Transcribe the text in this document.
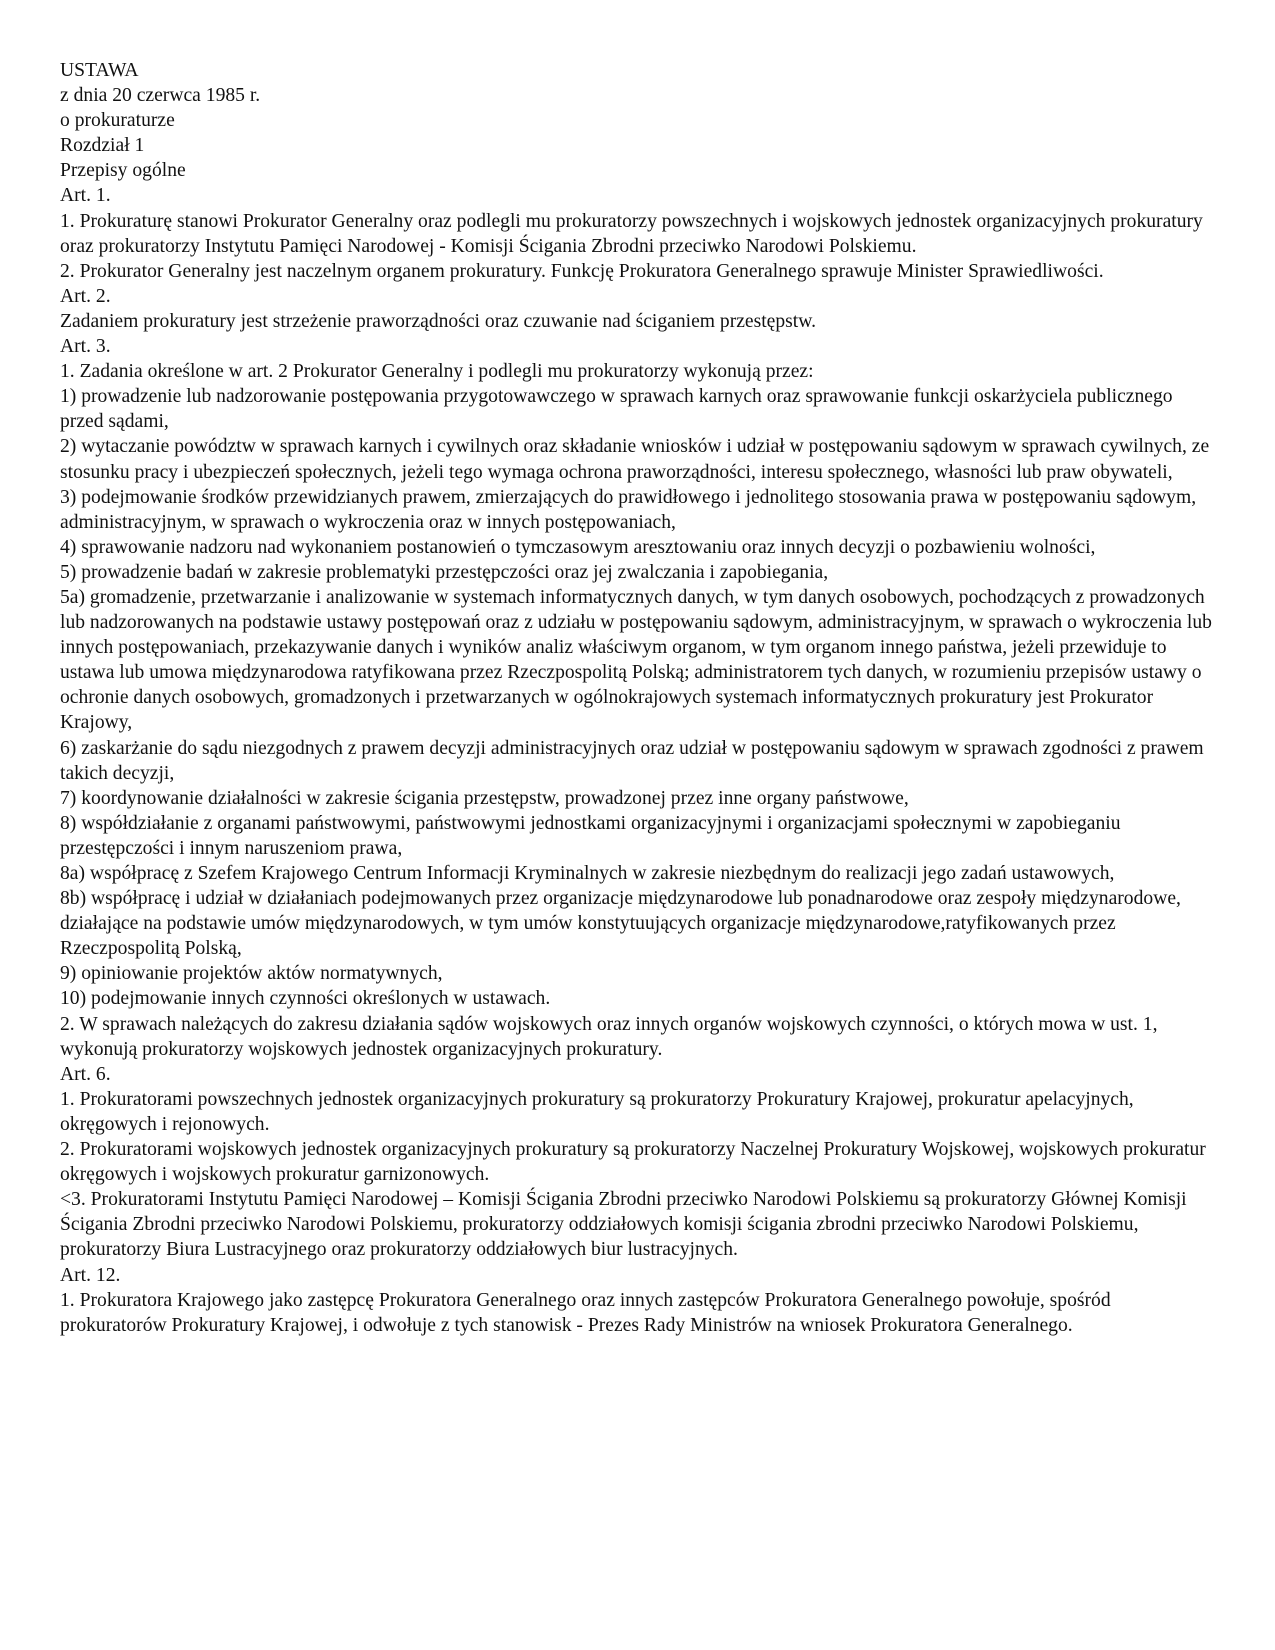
USTAWA

z dnia 20 czerwca 1985 r.

o prokuraturze

Rozdział 1

Przepisy ogólne

Art. 1.

1. Prokuraturę stanowi Prokurator Generalny oraz podlegli mu prokuratorzy powszechnych i wojskowych jednostek organizacyjnych prokuratury oraz prokuratorzy Instytutu Pamięci Narodowej - Komisji Ścigania Zbrodni przeciwko Narodowi Polskiemu.

2. Prokurator Generalny jest naczelnym organem prokuratury. Funkcję Prokuratora Generalnego sprawuje Minister Sprawiedliwości.

Art. 2.

Zadaniem prokuratury jest strzeżenie praworządności oraz czuwanie nad ściganiem przestępstw.

Art. 3.

1. Zadania określone w art. 2 Prokurator Generalny i podlegli mu prokuratorzy wykonują przez:

1) prowadzenie lub nadzorowanie postępowania przygotowawczego w sprawach karnych oraz sprawowanie funkcji oskarżyciela publicznego przed sądami,

2) wytaczanie powództw w sprawach karnych i cywilnych oraz składanie wniosków i udział w postępowaniu sądowym w sprawach cywilnych, ze stosunku pracy i ubezpieczeń społecznych, jeżeli tego wymaga ochrona praworządności, interesu społecznego, własności lub praw obywateli,

3) podejmowanie środków przewidzianych prawem, zmierzających do prawidłowego i jednolitego stosowania prawa w postępowaniu sądowym, administracyjnym, w sprawach o wykroczenia oraz w innych postępowaniach,

4) sprawowanie nadzoru nad wykonaniem postanowień o tymczasowym aresztowaniu oraz innych decyzji o pozbawieniu wolności,

5) prowadzenie badań w zakresie problematyki przestępczości oraz jej zwalczania i zapobiegania,

5a) gromadzenie, przetwarzanie i analizowanie w systemach informatycznych danych, w tym danych osobowych, pochodzących z prowadzonych lub nadzorowanych na podstawie ustawy postępowań oraz z udziału w postępowaniu sądowym, administracyjnym, w sprawach o wykroczenia lub innych postępowaniach, przekazywanie danych i wyników analiz właściwym organom, w tym organom innego państwa, jeżeli przewiduje to ustawa lub umowa międzynarodowa ratyfikowana przez Rzeczpospolitą Polską; administratorem tych danych, w rozumieniu przepisów ustawy o ochronie danych osobowych, gromadzonych i przetwarzanych w ogólnokrajowych systemach informatycznych prokuratury jest Prokurator Krajowy,

6) zaskarżanie do sądu niezgodnych z prawem decyzji administracyjnych oraz udział w postępowaniu sądowym w sprawach zgodności z prawem takich decyzji,

7) koordynowanie działalności w zakresie ścigania przestępstw, prowadzonej przez inne organy państwowe,

8) współdziałanie z organami państwowymi, państwowymi jednostkami organizacyjnymi i organizacjami społecznymi w zapobieganiu przestępczości i innym naruszeniom prawa,

8a) współpracę z Szefem Krajowego Centrum Informacji Kryminalnych w zakresie niezbędnym do realizacji jego zadań ustawowych,

8b) współpracę i udział w działaniach podejmowanych przez organizacje międzynarodowe lub ponadnarodowe oraz zespoły międzynarodowe, działające na podstawie umów międzynarodowych, w tym umów konstytuujących organizacje międzynarodowe,ratyfikowanych przez Rzeczpospolitą Polską,

9) opiniowanie projektów aktów normatywnych,

10) podejmowanie innych czynności określonych w ustawach.

2. W sprawach należących do zakresu działania sądów wojskowych oraz innych organów wojskowych czynności, o których mowa w ust. 1, wykonują prokuratorzy wojskowych jednostek organizacyjnych prokuratury.

Art. 6.

1. Prokuratorami powszechnych jednostek organizacyjnych prokuratury są prokuratorzy Prokuratury Krajowej, prokuratur apelacyjnych, okręgowych i rejonowych.

2. Prokuratorami wojskowych jednostek organizacyjnych prokuratury są prokuratorzy Naczelnej Prokuratury Wojskowej, wojskowych prokuratur okręgowych i wojskowych prokuratur garnizonowych.

<3. Prokuratorami Instytutu Pamięci Narodowej – Komisji Ścigania Zbrodni przeciwko Narodowi Polskiemu są prokuratorzy Głównej Komisji Ścigania Zbrodni przeciwko Narodowi Polskiemu, prokuratorzy oddziałowych komisji ścigania zbrodni przeciwko Narodowi Polskiemu, prokuratorzy Biura Lustracyjnego oraz prokuratorzy oddziałowych biur lustracyjnych.

Art. 12.

1. Prokuratora Krajowego jako zastępcę Prokuratora Generalnego oraz innych zastępców Prokuratora Generalnego powołuje, spośród prokuratorów Prokuratury Krajowej, i odwołuje z tych stanowisk - Prezes Rady Ministrów na wniosek Prokuratora Generalnego.
